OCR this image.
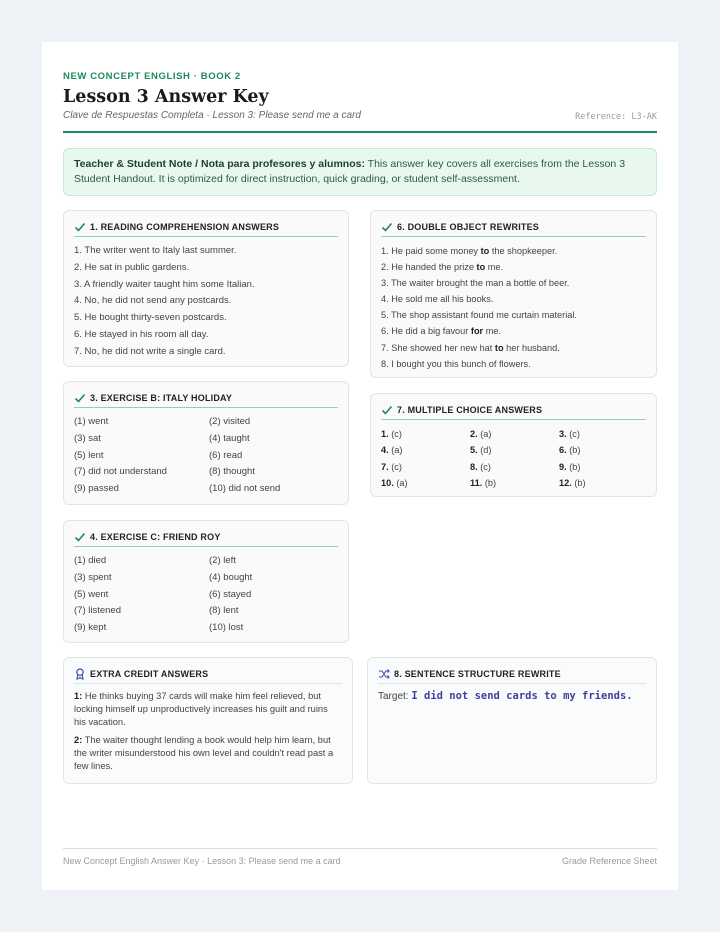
NEW CONCEPT ENGLISH · BOOK 2
Lesson 3 Answer Key
Clave de Respuestas Completa · Lesson 3: Please send me a card	Reference: L3-AK
Teacher & Student Note / Nota para profesores y alumnos: This answer key covers all exercises from the Lesson 3 Student Handout. It is optimized for direct instruction, quick grading, or student self-assessment.
1. READING COMPREHENSION ANSWERS
1. The writer went to Italy last summer.
2. He sat in public gardens.
3. A friendly waiter taught him some Italian.
4. No, he did not send any postcards.
5. He bought thirty-seven postcards.
6. He stayed in his room all day.
7. No, he did not write a single card.
3. EXERCISE B: ITALY HOLIDAY
(1) went	(2) visited
(3) sat	(4) taught
(5) lent	(6) read
(7) did not understand	(8) thought
(9) passed	(10) did not send
4. EXERCISE C: FRIEND ROY
(1) died	(2) left
(3) spent	(4) bought
(5) went	(6) stayed
(7) listened	(8) lent
(9) kept	(10) lost
6. DOUBLE OBJECT REWRITES
1. He paid some money to the shopkeeper.
2. He handed the prize to me.
3. The waiter brought the man a bottle of beer.
4. He sold me all his books.
5. The shop assistant found me curtain material.
6. He did a big favour for me.
7. She showed her new hat to her husband.
8. I bought you this bunch of flowers.
7. MULTIPLE CHOICE ANSWERS
1. (c)	2. (a)	3. (c)
4. (a)	5. (d)	6. (b)
7. (c)	8. (c)	9. (b)
10. (a)	11. (b)	12. (b)
EXTRA CREDIT ANSWERS

1: He thinks buying 37 cards will make him feel relieved, but locking himself up unproductively increases his guilt and ruins his vacation.

2: The waiter thought lending a book would help him learn, but the writer misunderstood his own level and couldn't read past a few lines.

8. SENTENCE STRUCTURE REWRITE

Target: I did not send cards to my friends.

New Concept English Answer Key · Lesson 3: Please send me a card	Grade Reference Sheet
